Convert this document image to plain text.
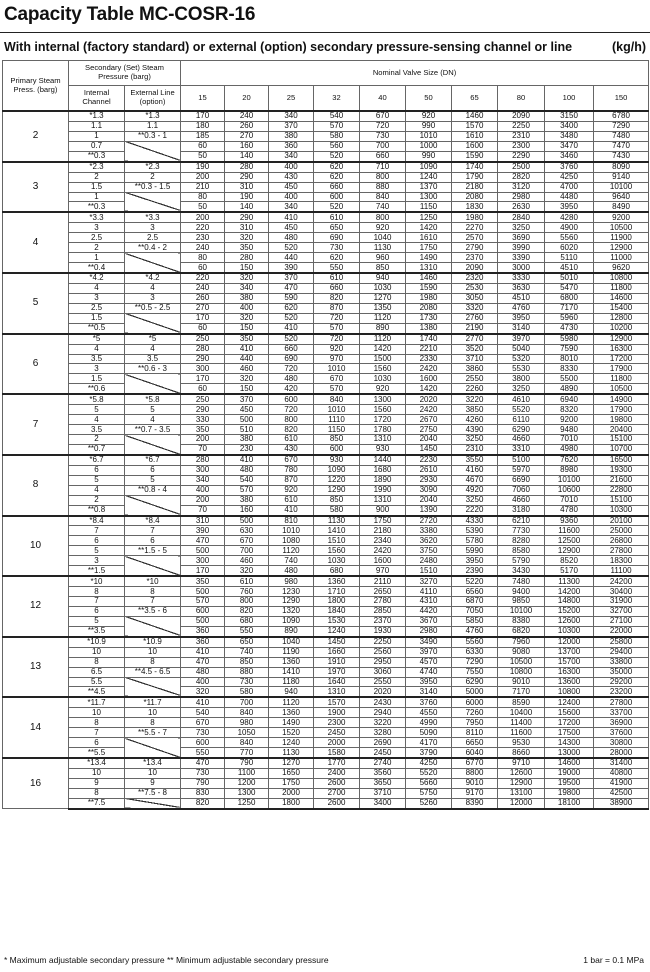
Capacity Table MC-COSR-16
With internal (factory standard) or external (option) secondary pressure-sensing channel or line	(kg/h)
Primary Steam Press. (barg)	Secondary (Set) Steam Pressure (barg)		Nominal Valve Size (DN)									
	Internal Channel	External Line (option)	15	20	25	32	40	50	65	80	100	150
2	*1.3	*1.3	170	240	340	540	670	920	1460	2090	3150	6780
	1.1	1.1	180	260	370	570	720	990	1570	2250	3400	7290
	1	**0.3 - 1	185	270	380	580	730	1010	1610	2310	3480	7480
	0.7		60	160	360	560	700	1000	1600	2300	3470	7470
	**0.3		50	140	340	520	660	990	1590	2290	3460	7430
3	*2.3	*2.3	190	280	400	620	710	1090	1740	2500	3760	8090
	2	2	200	290	430	620	800	1240	1790	2820	4250	9140
	1.5	**0.3 - 1.5	210	310	450	660	880	1370	2180	3120	4700	10100
	1		80	190	400	600	840	1300	2080	2980	4480	9640
	**0.3		50	140	340	520	740	1150	1830	2630	3950	8490
4	*3.3	*3.3	200	290	410	610	800	1250	1980	2840	4280	9200
	3	3	220	310	450	650	920	1420	2270	3250	4900	10500
	2.5	2.5	230	320	480	690	1040	1610	2570	3690	5560	11900
	2	**0.4 - 2	240	350	520	730	1130	1750	2790	3990	6020	12900
	1		80	280	440	620	960	1490	2370	3390	5110	11000
	**0.4		60	150	390	550	850	1310	2090	3000	4510	9620
5	*4.2	*4.2	220	320	370	610	940	1460	2320	3330	5010	10800
	4	4	240	340	470	660	1030	1590	2530	3630	5470	11800
	3	3	260	380	590	820	1270	1980	3050	4510	6800	14600
	2.5	**0.5 - 2.5	270	400	620	870	1350	2080	3320	4760	7170	15400
	1.5		170	320	520	720	1120	1730	2760	3950	5960	12800
	**0.5		60	150	410	570	890	1380	2190	3140	4730	10200
6	*5	*5	250	350	520	720	1120	1740	2770	3970	5980	12900
	4	4	280	410	660	920	1420	2210	3520	5040	7590	16300
	3.5	3.5	290	440	690	970	1500	2330	3710	5320	8010	17200
	3	**0.6 - 3	300	460	720	1010	1560	2420	3860	5530	8330	17900
	1.5		170	320	480	670	1030	1600	2550	3800	5500	11800
	**0.6		60	150	420	570	920	1420	2260	3250	4890	10500
7	*5.8	*5.8	250	370	600	840	1300	2020	3220	4610	6940	14900
	5	5	290	450	720	1010	1560	2420	3850	5520	8320	17900
	4	4	330	500	800	1110	1720	2670	4260	6110	9200	19800
	3.5	**0.7 - 3.5	350	510	820	1150	1780	2750	4390	6290	9480	20400
	2		200	380	610	850	1310	2040	3250	4660	7010	15100
	**0.7		70	230	430	600	930	1450	2310	3310	4980	10700
8	*6.7	*6.7	280	410	670	930	1440	2230	3550	5100	7620	16500
	6	6	300	480	780	1090	1680	2610	4160	5970	8980	19300
	5	5	340	540	870	1220	1890	2930	4670	6690	10100	21600
	4	**0.8 - 4	400	570	920	1290	1990	3090	4920	7060	10600	22800
	2		200	380	610	850	1310	2040	3250	4660	7010	15100
	**0.8		70	160	410	580	900	1390	2220	3180	4780	10300
10	*8.4	*8.4	310	500	810	1130	1750	2720	4330	6210	9360	20100
	7	7	390	630	1010	1410	2180	3380	5390	7730	11600	25000
	6	6	470	670	1080	1510	2340	3620	5780	8280	12500	26800
	5	**1.5 - 5	500	700	1120	1560	2420	3750	5990	8580	12900	27800
	3		300	460	740	1030	1600	2480	3950	5790	8520	18300
	**1.5		170	320	480	680	970	1510	2390	3430	5170	11100
12	*10	*10	350	610	980	1360	2110	3270	5220	7480	11300	24200
	8	8	500	760	1230	1710	2650	4110	6560	9400	14200	30400
	7	7	570	800	1290	1800	2780	4310	6870	9850	14800	31900
	6	**3.5 - 6	600	820	1320	1840	2850	4420	7050	10100	15200	32700
	5		500	680	1090	1530	2370	3670	5850	8380	12600	27100
	**3.5		360	550	890	1240	1930	2980	4760	6820	10300	22000
13	*10.9	*10.9	360	650	1040	1450	2250	3490	5560	7960	12000	25800
	10	10	410	740	1190	1660	2560	3970	6330	9080	13700	29400
	8	8	470	850	1360	1910	2950	4570	7290	10500	15700	33800
	6.5	**4.5 - 6.5	480	880	1410	1970	3060	4740	7550	10800	16300	35000
	5.5		400	730	1180	1640	2550	3950	6290	9010	13600	29200
	**4.5		320	580	940	1310	2020	3140	5000	7170	10800	23200
14	*11.7	*11.7	410	700	1120	1570	2430	3760	6000	8590	12400	27800
	10	10	540	840	1360	1900	2940	4550	7260	10400	15600	33700
	8	8	670	980	1490	2300	3220	4990	7950	11400	17200	36900
	7	**5.5 - 7	730	1050	1520	2450	3280	5090	8110	11600	17500	37600
	6		600	840	1240	2000	2690	4170	6650	9530	14300	30800
	**5.5		550	770	1130	1580	2450	3790	6040	8660	13000	28000
16	*13.4	*13.4	470	790	1270	1770	2740	4250	6770	9710	14600	31400
	10	10	730	1100	1650	2400	3560	5520	8800	12600	19000	40800
	9	9	790	1200	1750	2600	3650	5660	9010	12900	19500	41900
	8	**7.5 - 8	830	1300	2000	2700	3710	5750	9170	13100	19800	42500
	**7.5		820	1250	1800	2600	3400	5260	8390	12000	18100	38900
* Maximum adjustable secondary pressure ** Minimum adjustable secondary pressure	1 bar = 0.1 MPa
